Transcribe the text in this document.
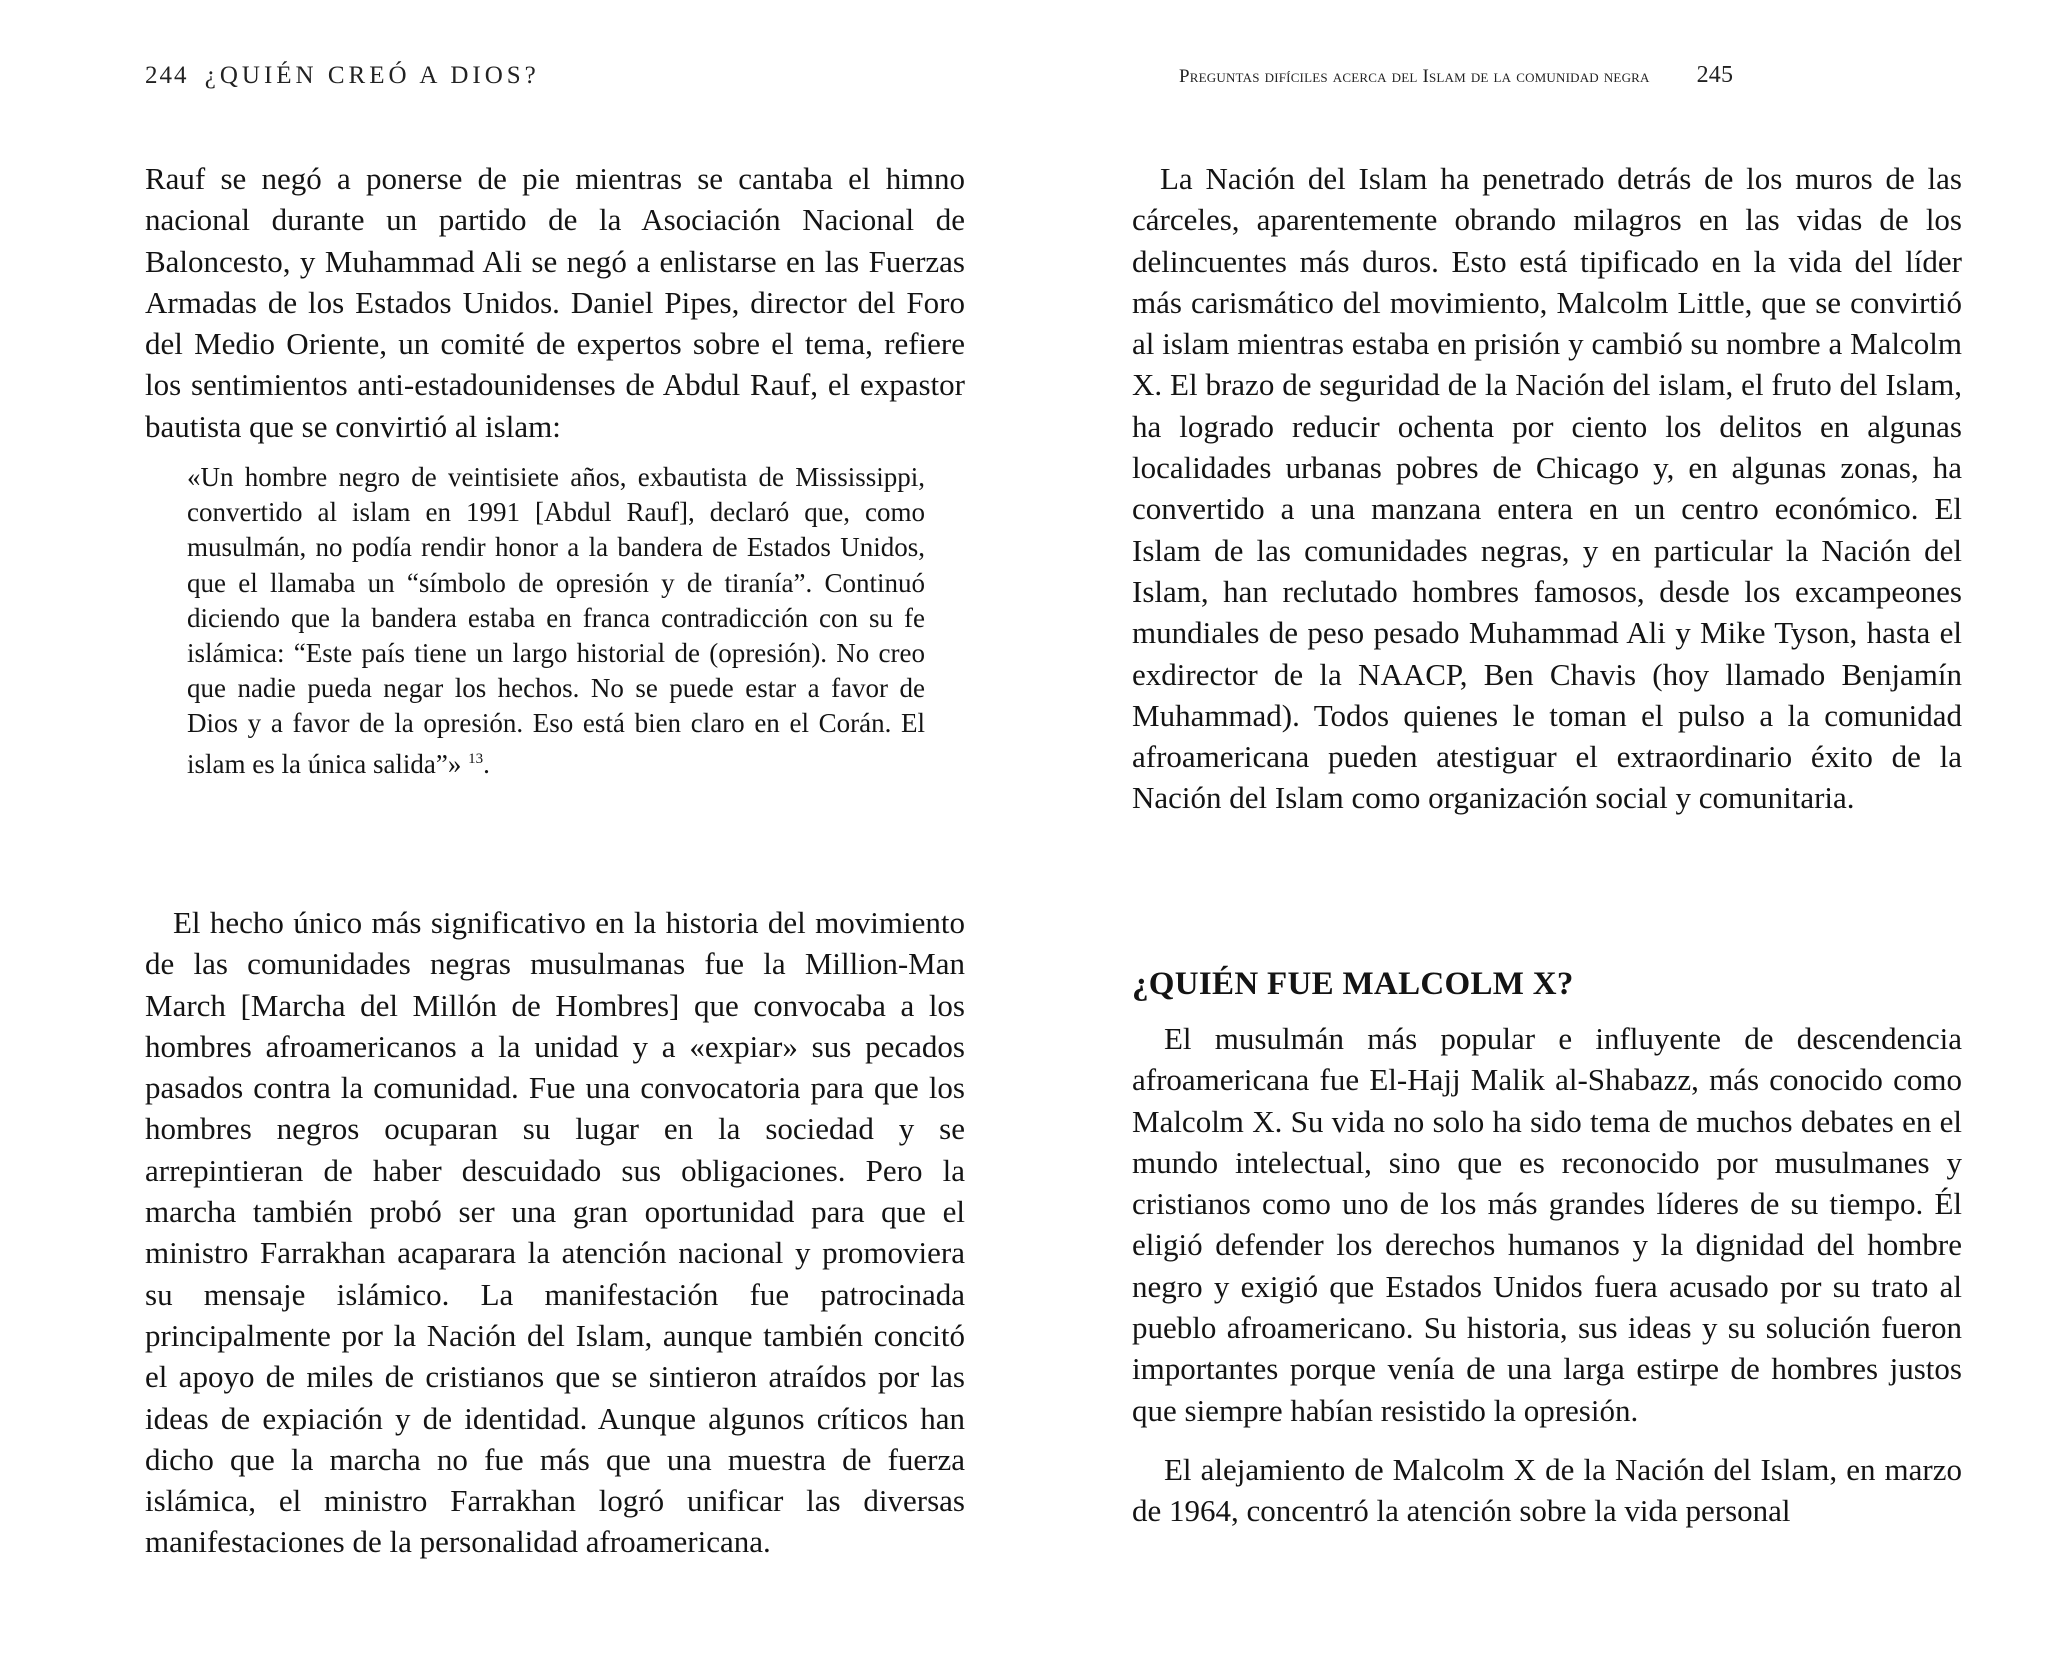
244 ¿QUIÉN CREÓ A DIOS?

Rauf se negó a ponerse de pie mientras se cantaba el himno nacional durante un partido de la Asociación Nacional de Baloncesto, y Muhammad Ali se negó a enlistarse en las Fuerzas Armadas de los Estados Unidos. Daniel Pipes, director del Foro del Medio Oriente, un comité de expertos sobre el tema, refiere los sentimientos anti-estadounidenses de Abdul Rauf, el expastor bautista que se convirtió al islam:

«Un hombre negro de veintisiete años, exbautista de Mississippi, convertido al islam en 1991 [Abdul Rauf], declaró que, como musulmán, no podía rendir honor a la bandera de Estados Unidos, que el llamaba un “símbolo de opresión y de tiranía”. Continuó diciendo que la bandera estaba en franca contradicción con su fe islámica: “Este país tiene un largo historial de (opresión). No creo que nadie pueda negar los hechos. No se puede estar a favor de Dios y a favor de la opresión. Eso está bien claro en el Corán. El islam es la única salida”» $^{13}$.

El hecho único más significativo en la historia del movimiento de las comunidades negras musulmanas fue la Million-Man March [Marcha del Millón de Hombres] que convocaba a los hombres afroamericanos a la unidad y a «expiar» sus pecados pasados contra la comunidad. Fue una convocatoria para que los hombres negros ocuparan su lugar en la sociedad y se arrepintieran de haber descuidado sus obligaciones. Pero la marcha también probó ser una gran oportunidad para que el ministro Farrakhan acaparara la atención nacional y promoviera su mensaje islámico. La manifestación fue patrocinada principalmente por la Nación del Islam, aunque también concitó el apoyo de miles de cristianos que se sintieron atraídos por las ideas de expiación y de identidad. Aunque algunos críticos han dicho que la marcha no fue más que una muestra de fuerza islámica, el ministro Farrakhan logró unificar las diversas manifestaciones de la personalidad afroamericana.

Preguntas difíciles acerca del Islam de la comunidad negra 245

La Nación del Islam ha penetrado detrás de los muros de las cárceles, aparentemente obrando milagros en las vidas de los delincuentes más duros. Esto está tipificado en la vida del líder más carismático del movimiento, Malcolm Little, que se convirtió al islam mientras estaba en prisión y cambió su nombre a Malcolm X. El brazo de seguridad de la Nación del islam, el fruto del Islam, ha logrado reducir ochenta por ciento los delitos en algunas localidades urbanas pobres de Chicago y, en algunas zonas, ha convertido a una manzana entera en un centro económico. El Islam de las comunidades negras, y en particular la Nación del Islam, han reclutado hombres famosos, desde los excampeones mundiales de peso pesado Muhammad Ali y Mike Tyson, hasta el exdirector de la NAACP, Ben Chavis (hoy llamado Benjamín Muhammad). Todos quienes le toman el pulso a la comunidad afroamericana pueden atestiguar el extraordinario éxito de la Nación del Islam como organización social y comunitaria.

¿QUIÉN FUE MALCOLM X?

El musulmán más popular e influyente de descendencia afroamericana fue El-Hajj Malik al-Shabazz, más conocido como Malcolm X. Su vida no solo ha sido tema de muchos debates en el mundo intelectual, sino que es reconocido por musulmanes y cristianos como uno de los más grandes líderes de su tiempo. Él eligió defender los derechos humanos y la dignidad del hombre negro y exigió que Estados Unidos fuera acusado por su trato al pueblo afroamericano. Su historia, sus ideas y su solución fueron importantes porque venía de una larga estirpe de hombres justos que siempre habían resistido la opresión.

El alejamiento de Malcolm X de la Nación del Islam, en marzo de 1964, concentró la atención sobre la vida personal
